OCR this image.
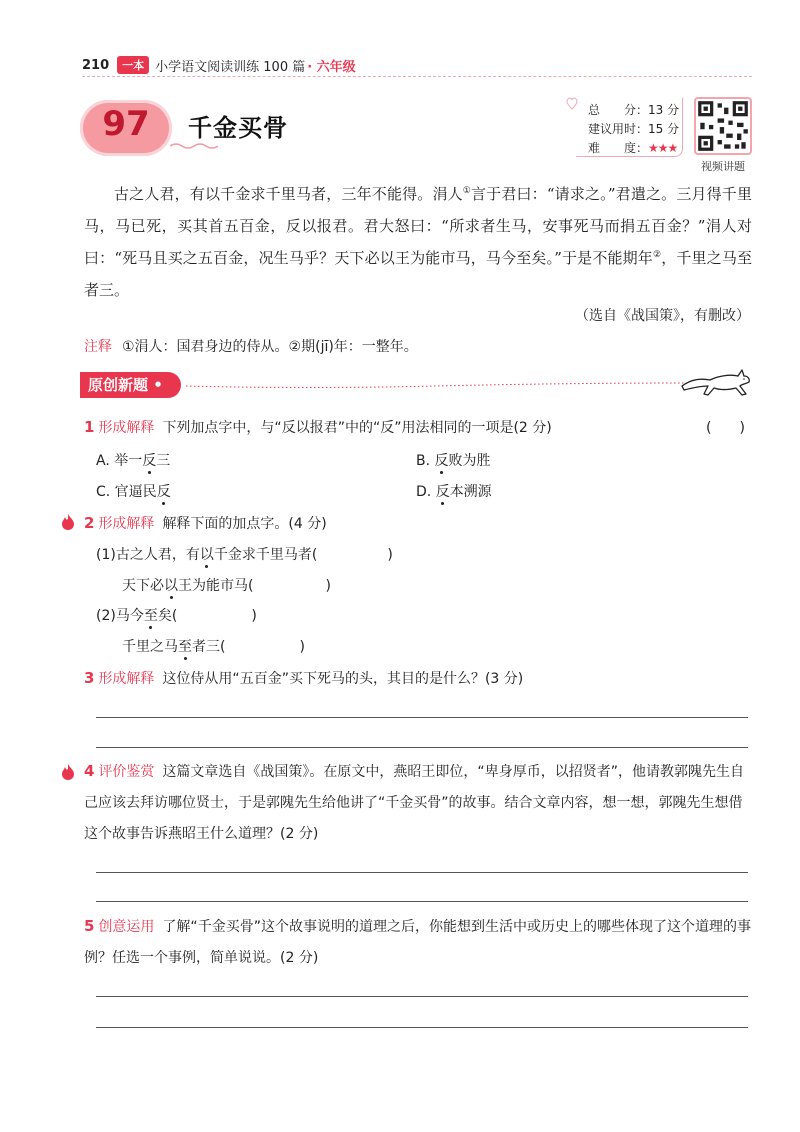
210	一本 小学语文阅读训练 100 篇 · 六年级
97	千金买骨
总　　分：13 分
建议用时：15 分
难　　度：★★★
视频讲题
古之人君，有以千金求千里马者，三年不能得。涓人①言于君曰：“请求之。”君遣之。三月得千里马，马已死，买其首五百金，反以报君。君大怒曰：“所求者生马，安事死马而捐五百金？”涓人对曰：“死马且买之五百金，况生马乎？天下必以王为能市马，马今至矣。”于是不能期年②，千里之马至者三。
（选自《战国策》，有删改）
注释 ①涓人：国君身边的侍从。②期(jī)年：一整年。
原创新题 •
1 形成解释 下列加点字中，与“反以报君”中的“反”用法相同的一项是(2 分)	(　　)
A. 举一反三	B. 反败为胜
C. 官逼民反	D. 反本溯源
2 形成解释 解释下面的加点字。(4 分)
(1)古之人君，有以千金求千里马者(	)
天下必以王为能市马(	)
(2)马今至矣(	)
千里之马至者三(	)
3 形成解释 这位侍从用“五百金”买下死马的头，其目的是什么？(3 分)
4 评价鉴赏 这篇文章选自《战国策》。在原文中，燕昭王即位，“卑身厚币，以招贤者”，他请教郭隗先生自己应该去拜访哪位贤士，于是郭隗先生给他讲了“千金买骨”的故事。结合文章内容，想一想，郭隗先生想借这个故事告诉燕昭王什么道理？(2 分)
5 创意运用 了解“千金买骨”这个故事说明的道理之后，你能想到生活中或历史上的哪些体现了这个道理的事例？任选一个事例，简单说说。(2 分)
